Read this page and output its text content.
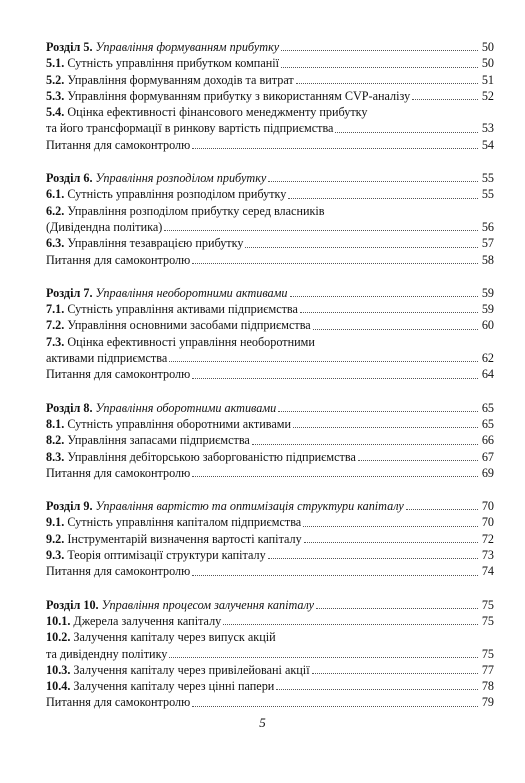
Розділ 5. Управління формуванням прибутку	50
5.1. Сутність управління прибутком компанії	50
5.2. Управління формуванням доходів та витрат	51
5.3. Управління формуванням прибутку з використанням CVP-аналізу	52
5.4. Оцінка ефективності фінансового менеджменту прибутку
та його трансформації в ринкову вартість підприємства	53
Питання для самоконтролю	54
Розділ 6. Управління розподілом прибутку	55
6.1. Сутність управління розподілом прибутку	55
6.2. Управління розподілом прибутку серед власників
(Дивідендна політика)	56
6.3. Управління тезаврацією прибутку	57
Питання для самоконтролю	58
Розділ 7. Управління необоротними активами	59
7.1. Сутність управління активами підприємства	59
7.2. Управління основними засобами підприємства	60
7.3. Оцінка ефективності управління необоротними
активами підприємства	62
Питання для самоконтролю	64
Розділ 8. Управління оборотними активами	65
8.1. Сутність управління оборотними активами	65
8.2. Управління запасами підприємства	66
8.3. Управління дебіторською заборгованістю підприємства	67
Питання для самоконтролю	69
Розділ 9. Управління вартістю та оптимізація структури капіталу	70
9.1. Сутність управління капіталом підприємства	70
9.2. Інструментарій визначення вартості капіталу	72
9.3. Теорія оптимізації структури капіталу	73
Питання для самоконтролю	74
Розділ 10. Управління процесом залучення капіталу	75
10.1. Джерела залучення капіталу	75
10.2. Залучення капіталу через випуск акцій
та дивідендну політику	75
10.3. Залучення капіталу через привілейовані акції	77
10.4. Залучення капіталу через цінні папери	78
Питання для самоконтролю	79
5
